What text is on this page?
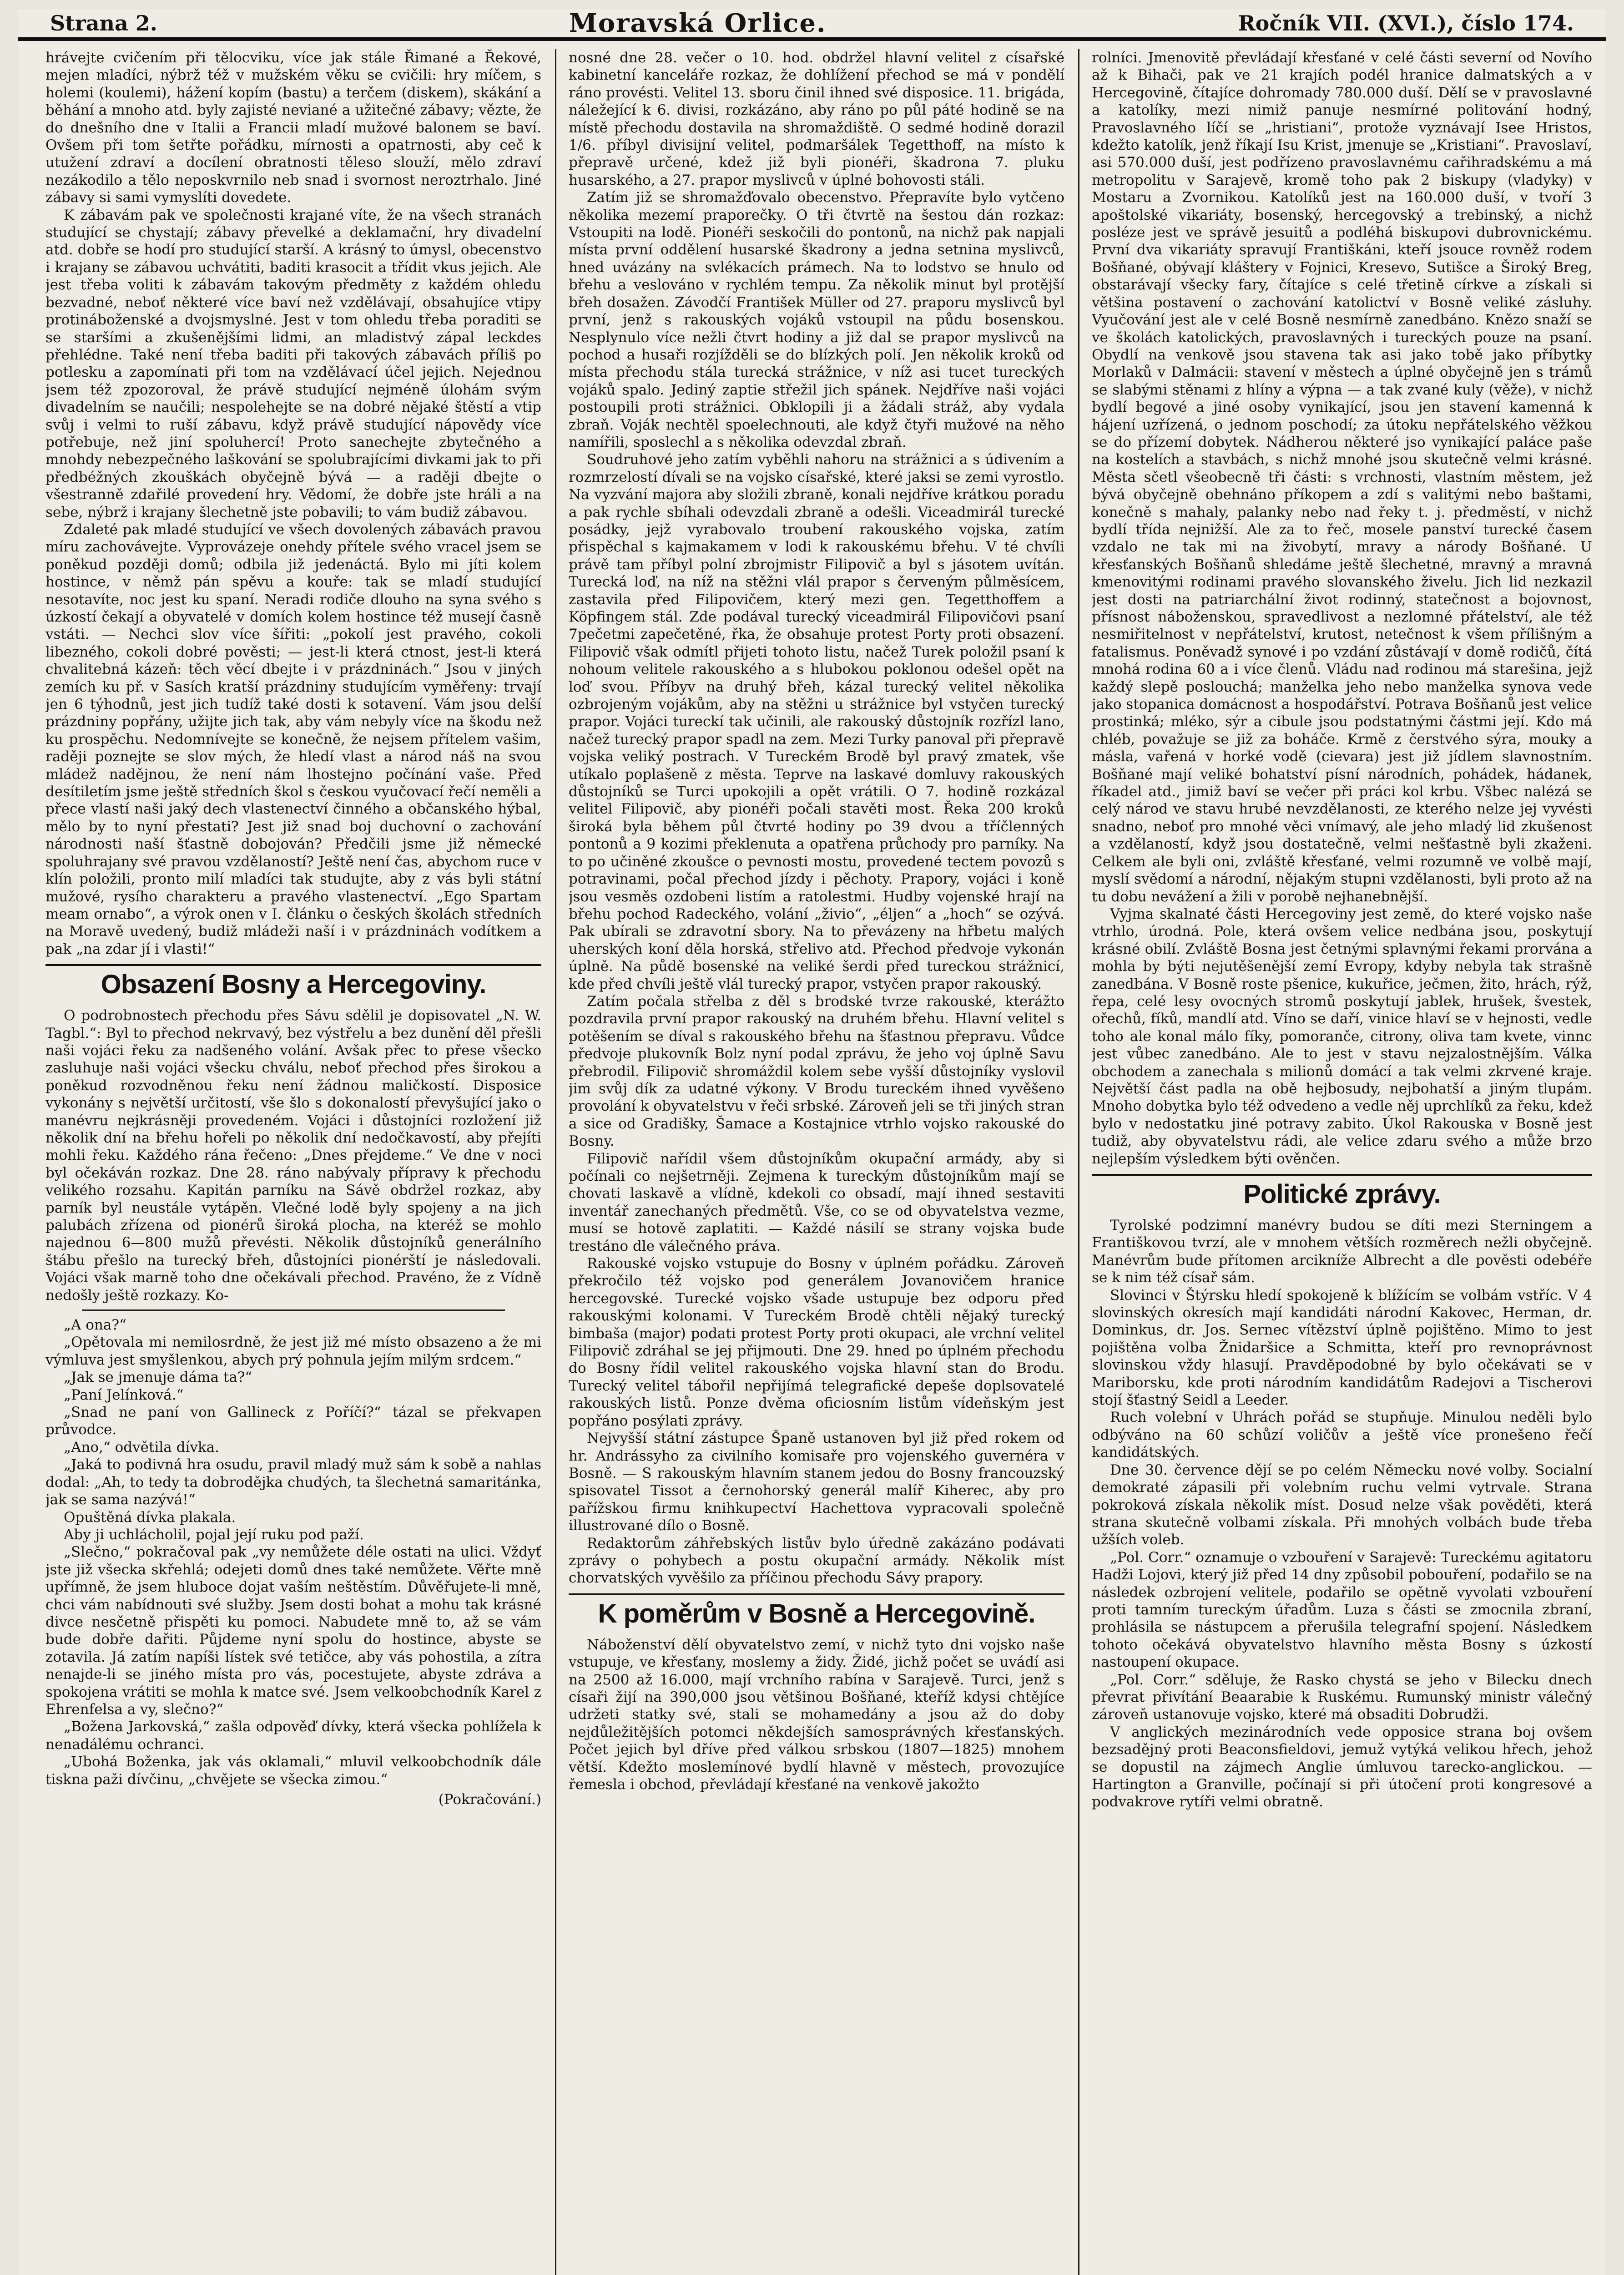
Strana 2.	Moravská Orlice.	Ročník VII. (XVI.), číslo 174.

hrávejte cvičením při tělocviku, více jak stále Řimané a Řekové, mejen mladíci, nýbrž též v mužském věku se cvičili: hry míčem, s holemi (koulemi), hážení kopím (bastu) a terčem (diskem), skákání a běhání a mnoho atd. byly zajisté neviané a užitečné zábavy; vězte, že do dnešního dne v Italii a Francii mladí mužové balonem se baví. Ovšem při tom šetřte pořádku, mírnosti a opatrnosti, aby ceč k utužení zdraví a docílení obratnosti těleso slouží, mělo zdraví nezákodilo a tělo neposkvrnilo neb snad i svornost neroztrhalo. Jiné zábavy si sami vymyslíti dovedete.

K zábavám pak ve společnosti krajané víte, že na všech stranách studující se chystají; zábavy převelké a deklamační, hry divadelní atd. dobře se hodí pro studující starší. A krásný to úmysl, obecenstvo i krajany se zábavou uchvátiti, baditi krasocit a třídit vkus jejich. Ale jest třeba voliti k zábavám takovým předměty z každém ohledu bezvadné, neboť některé více baví než vzdělávají, obsahujíce vtipy protináboženské a dvojsmyslné. Jest v tom ohledu třeba poraditi se se staršími a zkušenějšími lidmi, an mladistvý zápal leckdes přehlédne. Také není třeba baditi při takových zábavách příliš po potlesku a zapomínati při tom na vzdělávací účel jejich. Nejednou jsem též zpozoroval, že právě studující nejméně úlohám svým divadelním se naučili; nespolehejte se na dobré nějaké štěstí a vtip svůj i velmi to ruší zábavu, když právě studující nápovědy více potřebuje, než jiní spoluhercí! Proto sanechejte zbytečného a mnohdy nebezpečného laškování se spolubrajícími divkami jak to při předbéžných zkouškách obyčejně bývá — a raději dbejte o všestranně zdařilé provedení hry. Vědomí, že dobře jste hráli a na sebe, nýbrž i krajany šlechetně jste pobavili; to vám budiž zábavou.

Zdaleté pak mladé studující ve všech dovolených zábavách pravou míru zachovávejte. Vyprovázeje onehdy přítele svého vracel jsem se poněkud později domů; odbila již jedenáctá. Bylo mi jíti kolem hostince, v němž pán spěvu a kouře: tak se mladí studující nesotavíte, noc jest ku spaní. Neradi rodiče dlouho na syna svého s úzkostí čekají a obyvatelé v domích kolem hostince též musejí časně vstáti. — Nechci slov více šířiti: „pokolí jest pravého, cokoli libezného, cokoli dobré pověsti; — jest-li která ctnost, jest-li která chvalitebná kázeň: těch věcí dbejte i v prázdninách.“ Jsou v jiných zemích ku př. v Sasích kratší prázdniny studujícím vyměřeny: trvají jen 6 týhodnů, jest jich tudíž také dosti k sotavení. Vám jsou delší prázdniny popřány, užijte jich tak, aby vám nebyly více na škodu než ku prospěchu. Nedomnívejte se konečně, že nejsem přítelem vašim, raději poznejte se slov mých, že hledí vlast a národ náš na svou mládež nadějnou, že není nám lhostejno počínání vaše. Před desítiletím jsme ještě středních škol s českou vyučovací řečí neměli a přece vlastí naši jaký dech vlastenectví činného a občanského hýbal, mělo by to nyní přestati? Jest již snad boj duchovní o zachování národnosti naší šťastně dobojován? Předčili jsme již německé spoluhrajany své pravou vzdělaností? Ještě není čas, abychom ruce v klín položili, pronto milí mladíci tak studujte, aby z vás byli státní mužové, rysího charakteru a pravého vlastenectví. „Ego Spartam meam ornabo“, a výrok onen v I. článku o českých školách středních na Moravě uvedený, budiž mládeži naší i v prázdninách vodítkem a pak „na zdar jí i vlasti!“

Obsazení Bosny a Hercegoviny.

O podrobnostech přechodu přes Sávu sdělil je dopisovatel „N. W. Tagbl.“: Byl to přechod nekrvavý, bez výstřelu a bez dunění děl přešli naši vojáci řeku za nadšeného volání. Avšak přec to přese všecko zasluhuje naši vojáci všecku chválu, neboť přechod přes širokou a poněkud rozvodněnou řeku není žádnou maličkostí. Disposice vykonány s největší určitostí, vše šlo s dokonalostí převyšující jako o manévru nejkrásněji provedeném. Vojáci i důstojníci rozložení již několik dní na břehu hořeli po několik dní nedočkavostí, aby přejíti mohli řeku. Každého rána řečeno: „Dnes přejdeme.“ Ve dne v noci byl očekáván rozkaz. Dne 28. ráno nabývaly přípravy k přechodu velikého rozsahu. Kapitán parníku na Sávě obdržel rozkaz, aby parník byl neustále vytápěn. Vlečné lodě byly spojeny a na jich palubách zřízena od pionérů široká plocha, na kteréž se mohlo najednou 6—800 mužů převésti. Několik důstojníků generálního štábu přešlo na turecký břeh, důstojníci pionérští je následovali. Vojáci však marně toho dne očekávali přechod. Pravéno, že z Vídně nedošly ještě rozkazy. Ko-

„A ona?“

„Opětovala mi nemilosrdně, že jest již mé místo obsazeno a že mi výmluva jest smyšlenkou, abych prý pohnula jejím milým srdcem.“

„Jak se jmenuje dáma ta?“

„Paní Jelínková.“

„Snad ne paní von Gallineck z Poříčí?“ tázal se překvapen průvodce.

„Ano,“ odvětila dívka.

„Jaká to podivná hra osudu, pravil mladý muž sám k sobě a nahlas dodal: „Ah, to tedy ta dobrodějka chudých, ta šlechetná samaritánka, jak se sama nazývá!“

Opuštěná dívka plakala.

Aby ji uchlácholil, pojal její ruku pod paží.

„Slečno,“ pokračoval pak „vy nemůžete déle ostati na ulici. Vždyť jste již všecka skřehlá; odejeti domů dnes také nemůžete. Věřte mně upřímně, že jsem hluboce dojat vaším neštěstím. Důvěřujete-li mně, chci vám nabídnouti své služby. Jsem dosti bohat a mohu tak krásné divce nesčetně přispěti ku pomoci. Nabudete mně to, až se vám bude dobře dařiti. Půjdeme nyní spolu do hostince, abyste se zotavila. Já zatím napíši lístek své tetičce, aby vás pohostila, a zítra nenajde-li se jiného místa pro vás, pocestujete, abyste zdráva a spokojena vrátiti se mohla k matce své. Jsem velkoobchodník Karel z Ehrenfelsa a vy, slečno?“

„Božena Jarkovská,“ zašla odpověď dívky, která všecka pohlížela k nenadálému ochranci.

„Ubohá Boženka, jak vás oklamali,“ mluvil velkoobchodník dále tiskna paži dívčinu, „chvějete se všecka zimou.“

(Pokračování.)

nosné dne 28. večer o 10. hod. obdržel hlavní velitel z císařské kabinetní kanceláře rozkaz, že dohlížení přechod se má v pondělí ráno provésti. Velitel 13. sboru činil ihned své disposice. 11. brigáda, náležející k 6. divisi, rozkázáno, aby ráno po půl páté hodině se na místě přechodu dostavila na shromaždiště. O sedmé hodině dorazil 1/6. příbyl divisijní velitel, podmaršálek Tegetthoff, na místo k přepravě určené, kdež již byli pionéři, škadrona 7. pluku husarského, a 27. prapor myslivců v úplné bohovosti stáli.

Zatím již se shromažďovalo obecenstvo. Přepravíte bylo vytčeno několika mezemí praporečky. O tři čtvrtě na šestou dán rozkaz: Vstoupiti na lodě. Pionéři seskočili do pontonů, na nichž pak napjali místa první oddělení husarské škadrony a jedna setnina myslivců, hned uvázány na svlékacích prámech. Na to lodstvo se hnulo od břehu a veslováno v rychlém tempu. Za několik minut byl protější břeh dosažen. Závodčí František Müller od 27. praporu myslivců byl první, jenž s rakouských vojáků vstoupil na půdu bosenskou. Nesplynulo více nežli čtvrt hodiny a již dal se prapor myslivců na pochod a husaři rozjížděli se do blízkých polí. Jen několik kroků od místa přechodu stála turecká strážnice, v níž asi tucet tureckých vojáků spalo. Jediný zaptie střežil jich spánek. Nejdříve naši vojáci postoupili proti strážnici. Obklopili ji a žádali stráž, aby vydala zbraň. Voják nechtěl spoelechnouti, ale když čtyři mužové na něho namířili, sposlechl a s několika odevzdal zbraň.

Soudruhové jeho zatím vyběhli nahoru na strážnici a s údivením a rozmrzelostí dívali se na vojsko císařské, které jaksi se zemi vyrostlo. Na vyzvání majora aby složili zbraně, konali nejdříve krátkou poradu a pak rychle sbíhali odevzdali zbraně a odešli. Viceadmirál turecké posádky, jejž vyrabovalo troubení rakouského vojska, zatím přispěchal s kajmakamem v lodi k rakouskému břehu. V té chvíli právě tam příbyl polní zbrojmistr Filipovič a byl s jásotem uvítán. Turecká loď, na níž na stěžni vlál prapor s červeným půlměsícem, zastavila před Filipovičem, který mezi gen. Tegetthoffem a Köpfingem stál. Zde podával turecký viceadmirál Filipovičovi psaní 7pečetmi zapečetěné, řka, že obsahuje protest Porty proti obsazení. Filipovič však odmítl přijeti tohoto listu, načež Turek položil psaní k nohoum velitele rakouského a s hlubokou poklonou odešel opět na loď svou. Příbyv na druhý břeh, kázal turecký velitel několika ozbrojeným vojákům, aby na stěžni u strážnice byl vstyčen turecký prapor. Vojáci tureckí tak učinili, ale rakouský důstojník rozřízl lano, načež turecký prapor spadl na zem. Mezi Turky panoval při přepravě vojska veliký postrach. V Tureckém Brodě byl pravý zmatek, vše utíkalo poplašeně z města. Teprve na laskavé domluvy rakouských důstojníků se Turci upokojili a opět vrátili. O 7. hodině rozkázal velitel Filipovič, aby pionéři počali stavěti most. Řeka 200 kroků široká byla během půl čtvrté hodiny po 39 dvou a tříčlenných pontonů a 9 kozimi překlenuta a opatřena průchody pro parníky. Na to po učiněné zkoušce o pevnosti mostu, provedené tectem povozů s potravinami, počal přechod jízdy i pěchoty. Prapory, vojáci i koně jsou vesměs ozdobeni listím a ratolestmi. Hudby vojenské hrají na břehu pochod Radeckého, volání „živio“, „éljen“ a „hoch“ se ozývá. Pak ubírali se zdravotní sbory. Na to převázeny na hřbetu malých uherských koní děla horská, střelivo atd. Přechod předvoje vykonán úplně. Na půdě bosenské na veliké šerdi před tureckou strážnicí, kde před chvíli ještě vlál turecký prapor, vstyčen prapor rakouský.

Zatím počala střelba z děl s brodské tvrze rakouské, kterážto pozdravila první prapor rakouský na druhém břehu. Hlavní velitel s potěšením se díval s rakouského břehu na šťastnou přepravu. Vůdce předvoje plukovník Bolz nyní podal zprávu, že jeho voj úplně Savu přebrodil. Filipovič shromáždil kolem sebe vyšší důstojníky vyslovil jim svůj dík za udatné výkony. V Brodu tureckém ihned vyvěšeno provolání k obyvatelstvu v řeči srbské. Zároveň jeli se tři jiných stran a sice od Gradišky, Šamace a Kostajnice vtrhlo vojsko rakouské do Bosny.

Filipovič nařídil všem důstojníkům okupační armády, aby si počínali co nejšetrněji. Zejmena k tureckým důstojníkům mají se chovati laskavě a vlídně, kdekoli co obsadí, mají ihned sestaviti inventář zanechaných předmětů. Vše, co se od obyvatelstva vezme, musí se hotově zaplatiti. — Každé násilí se strany vojska bude trestáno dle válečného práva.

Rakouské vojsko vstupuje do Bosny v úplném pořádku. Zároveň překročilo též vojsko pod generálem Jovanovičem hranice hercegovské. Turecké vojsko všade ustupuje bez odporu před rakouskými kolonami. V Tureckém Brodě chtěli nějaký turecký bimbaša (major) podati protest Porty proti okupaci, ale vrchní velitel Filipovič zdráhal se jej přijmouti. Dne 29. hned po úplném přechodu do Bosny řídil velitel rakouského vojska hlavní stan do Brodu. Turecký velitel tábořil nepřijímá telegrafické depeše doplsovatelé rakouských listů. Ponze dvěma oficiosním listům vídeňským jest popřáno posýlati zprávy.

Nejvyšší státní zástupce Španě ustanoven byl již před rokem od hr. Andrássyho za civilního komisaře pro vojenského guvernéra v Bosně. — S rakouským hlavním stanem jedou do Bosny francouzský spisovatel Tissot a černohorský generál malíř Kiherec, aby pro pařížskou firmu knihkupectví Hachettova vypracovali společně illustrované dílo o Bosně.

Redaktorům záhřebských listův bylo úředně zakázáno podávati zprávy o pohybech a postu okupační armády. Několik míst chorvatských vyvěšilo za příčinou přechodu Sávy prapory.

K poměrům v Bosně a Hercegovině.

Náboženství dělí obyvatelstvo zemí, v nichž tyto dni vojsko naše vstupuje, ve křesťany, moslemy a židy. Židé, jichž počet se uvádí asi na 2500 až 16.000, mají vrchního rabína v Sarajevě. Turci, jenž s císaři žijí na 390,000 jsou většinou Bošňané, kteříž kdysi chtějíce udržeti statky své, stali se mohamedány a jsou až do doby nejdůležitějších potomci někdejších samosprávných křesťanských. Počet jejich byl dříve před válkou srbskou (1807—1825) mnohem větší. Kdežto moslemínové bydlí hlavně v městech, provozujíce řemesla i obchod, převládají křesťané na venkově jakožto

rolníci. Jmenovitě převládají křesťané v celé části severní od Novího až k Bihači, pak ve 21 krajích podél hranice dalmatských a v Hercegovině, čítajíce dohromady 780.000 duší. Dělí se v pravoslavné a katolíky, mezi nimiž panuje nesmírné politování hodný, Pravoslavného líčí se „hristiani“, protože vyznávají Isee Hristos, kdežto katolík, jenž říkají Isu Krist, jmenuje se „Kristiani“. Pravoslaví, asi 570.000 duší, jest podřízeno pravoslavnému cařihradskému a má metropolitu v Sarajevě, kromě toho pak 2 biskupy (vladyky) v Mostaru a Zvornikou. Katolíků jest na 160.000 duší, v tvoří 3 apoštolské vikariáty, bosenský, hercegovský a trebinský, a nichž posléze jest ve správě jesuitů a podléhá biskupovi dubrovnickému. První dva vikariáty spravují Františkáni, kteří jsouce rovněž rodem Bošňané, obývají kláštery v Fojnici, Kresevo, Sutišce a Široký Breg, obstarávají všecky fary, čítajíce s celé třetině církve a získali si většina postavení o zachování katolictví v Bosně veliké zásluhy. Vyučování jest ale v celé Bosně nesmírně zanedbáno. Knězo snaží se ve školách katolických, pravoslavných i tureckých pouze na psaní. Obydlí na venkově jsou stavena tak asi jako tobě jako příbytky Morlaků v Dalmácii: stavení v městech a úplné obyčejně jen s trámů se slabými stěnami z hlíny a výpna — a tak zvané kuly (věže), v nichž bydlí begové a jiné osoby vynikající, jsou jen stavení kamenná k hájení uzřízená, o jednom poschodí; za útoku nepřátelského věžkou se do přízemí dobytek. Nádherou některé jso vynikající paláce paše na kostelích a stavbách, s nichž mnohé jsou skutečně velmi krásné. Města sčetl všeobecně tři části: s vrchnosti, vlastním městem, jež bývá obyčejně obehnáno příkopem a zdí s valitými nebo baštami, konečně s mahaly, palanky nebo nad řeky t. j. předměstí, v nichž bydlí třída nejnižší. Ale za to řeč, mosele panství turecké časem vzdalo ne tak mi na živobytí, mravy a národy Bošňané. U křesťanských Bošňanů shledáme ještě šlechetné, mravný a mravná kmenovitými rodinami pravého slovanského živelu. Jich lid nezkazil jest dosti na patriarchální život rodinný, statečnost a bojovnost, přísnost náboženskou, spravedlivost a nezlomné přátelství, ale též nesmiřitelnost v nepřátelství, krutost, netečnost k všem přílišným a fatalismus. Poněvadž synové i po vzdání zůstávají v domě rodičů, čítá mnohá rodina 60 a i více členů. Vládu nad rodinou má starešina, jejž každý slepě poslouchá; manželka jeho nebo manželka synova vede jako stopanica domácnost a hospodářství. Potrava Bošňanů jest velice prostinká; mléko, sýr a cibule jsou podstatnými částmi její. Kdo má chléb, považuje se již za boháče. Krmě z čerstvého sýra, mouky a másla, vařená v horké vodě (cievara) jest již jídlem slavnostním. Bošňané mají veliké bohatství písní národních, pohádek, hádanek, říkadel atd., jimiž baví se večer při práci kol krbu. Všbec nalézá se celý národ ve stavu hrubé nevzdělanosti, ze kterého nelze jej vyvésti snadno, neboť pro mnohé věci vnímavý, ale jeho mladý lid zkušenost a vzdělaností, když jsou dostatečně, velmi nešťastně byli zkaženi. Celkem ale byli oni, zvláště křesťané, velmi rozumně ve volbě mají, myslí svědomí a národní, nějakým stupni vzdělanosti, byli proto až na tu dobu nevážení a žili v porobě nejhanebnější.

Vyjma skalnaté části Hercegoviny jest země, do které vojsko naše vtrhlo, úrodná. Pole, která ovšem velice nedbána jsou, poskytují krásné obilí. Zvláště Bosna jest četnými splavnými řekami prorvána a mohla by býti nejutěšenější zemí Evropy, kdyby nebyla tak strašně zanedbána. V Bosně roste pšenice, kukuřice, ječmen, žito, hrách, rýž, řepa, celé lesy ovocných stromů poskytují jablek, hrušek, švestek, ořechů, fíků, mandlí atd. Víno se daří, vinice hlaví se v hejnosti, vedle toho ale konal málo fíky, pomoranče, citrony, oliva tam kvete, vinnc jest vůbec zanedbáno. Ale to jest v stavu nejzalostnějším. Válka obchodem a zanechala s milionů domácí a tak velmi zkrvené kraje. Největší část padla na obě hejbosudy, nejbohatší a jiným tlupám. Mnoho dobytka bylo též odvedeno a vedle něj uprchlíků za řeku, kdež bylo v nedostatku jiné potravy zabito. Úkol Rakouska v Bosně jest tudiž, aby obyvatelstvu rádi, ale velice zdaru svého a může brzo nejlepším výsledkem býti ověnčen.

Politické zprávy.

Tyrolské podzimní manévry budou se díti mezi Sterningem a Františkovou tvrzí, ale v mnohem větších rozměrech nežli obyčejně. Manévrům bude přítomen arcikníže Albrecht a dle pověsti odebéře se k nim též císař sám.

Slovinci v Štýrsku hledí spokojeně k blížícím se volbám vstříc. V 4 slovinských okresích mají kandidáti národní Kakovec, Herman, dr. Dominkus, dr. Jos. Sernec vítězství úplně pojištěno. Mimo to jest pojištěna volba Žnidaršice a Schmitta, kteří pro revnoprávnost slovinskou vždy hlasují. Pravděpodobné by bylo očekávati se v Mariborsku, kde proti národním kandidátům Radejovi a Tischerovi stojí šťastný Seidl a Leeder.

Ruch volební v Uhrách pořád se stupňuje. Minulou neděli bylo odbýváno na 60 schůzí voličův a ještě více pronešeno řečí kandidátských.

Dne 30. července dějí se po celém Německu nové volby. Socialní demokraté zápasili při volebním ruchu velmi vytrvale. Strana pokroková získala několik míst. Dosud nelze však pověděti, která strana skutečně volbami získala. Při mnohých volbách bude třeba užších voleb.

„Pol. Corr.“ oznamuje o vzbouření v Sarajevě: Tureckému agitatoru Hadži Lojovi, který již před 14 dny způsobil pobouření, podařilo se na následek ozbrojení velitele, podařilo se opětně vyvolati vzbouření proti tamním tureckým úřadům. Luza s části se zmocnila zbraní, prohlásila se nástupcem a přerušila telegrafní spojení. Následkem tohoto očekává obyvatelstvo hlavního města Bosny s úzkostí nastoupení okupace.

„Pol. Corr.“ sděluje, že Rasko chystá se jeho v Bilecku dnech převrat přivítání Beaarabie k Ruskému. Rumunský ministr válečný zároveň ustanovuje vojsko, které má obsaditi Dobrudži.

V anglických mezinárodních vede opposice strana boj ovšem bezsadějný proti Beaconsfieldovi, jemuž vytýká velikou hřech, jehož se dopustil na zájmech Anglie úmluvou tarecko-anglickou. — Hartington a Granville, počínají si při útočení proti kongresové a podvakrove rytíři velmi obratně.
